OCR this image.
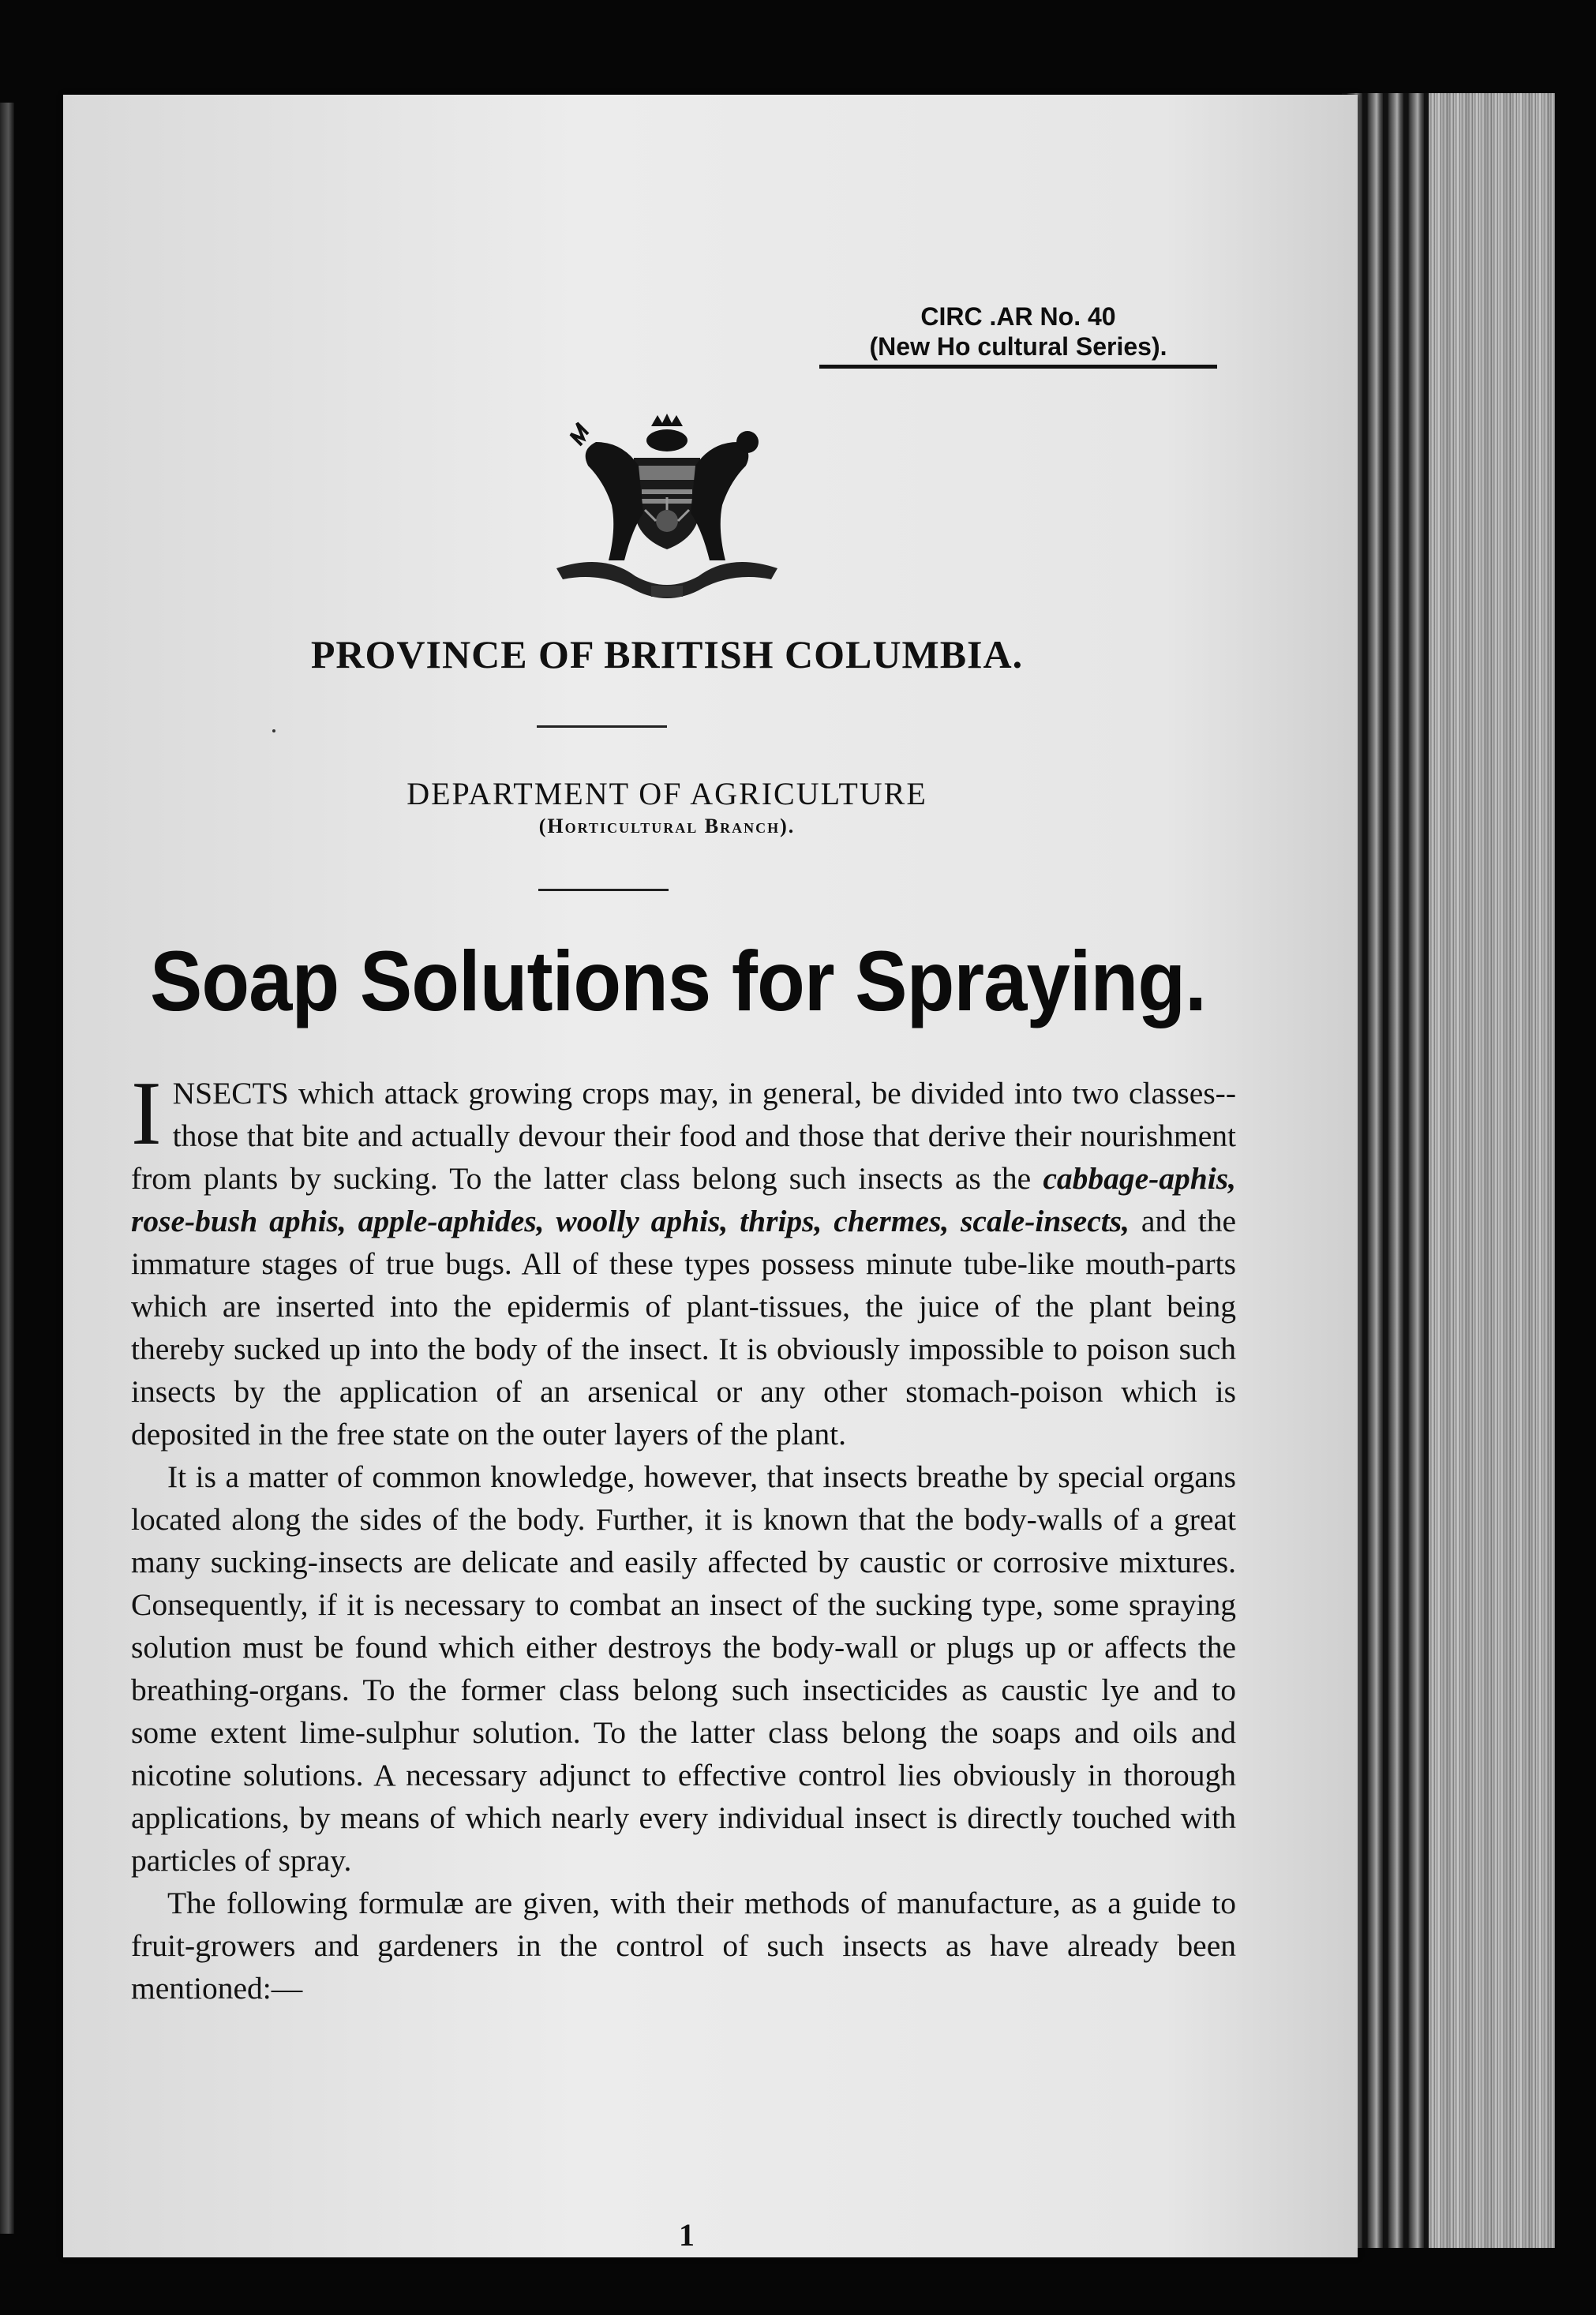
CIRC .AR No. 40
(New Ho cultural Series).
PROVINCE OF BRITISH COLUMBIA.
DEPARTMENT OF AGRICULTURE
(Horticultural Branch).
Soap Solutions for Spraying.

INSECTS which attack growing crops may, in general, be divided into two classes--those that bite and actually devour their food and those that derive their nourishment from plants by sucking. To the latter class belong such insects as the cabbage-aphis, rose-bush aphis, apple-aphides, woolly aphis, thrips, chermes, scale-insects, and the immature stages of true bugs. All of these types possess minute tube-like mouth-parts which are inserted into the epidermis of plant-tissues, the juice of the plant being thereby sucked up into the body of the insect. It is obviously impossible to poison such insects by the application of an arsenical or any other stomach-poison which is deposited in the free state on the outer layers of the plant.

It is a matter of common knowledge, however, that insects breathe by special organs located along the sides of the body. Further, it is known that the body-walls of a great many sucking-insects are delicate and easily affected by caustic or corrosive mixtures. Consequently, if it is necessary to combat an insect of the sucking type, some spraying solution must be found which either destroys the body-wall or plugs up or affects the breathing-organs. To the former class belong such insecticides as caustic lye and to some extent lime-sulphur solution. To the latter class belong the soaps and oils and nicotine solutions. A necessary adjunct to effective control lies obviously in thorough applications, by means of which nearly every individual insect is directly touched with particles of spray.

The following formulæ are given, with their methods of manufacture, as a guide to fruit-growers and gardeners in the control of such insects as have already been mentioned:—

1
